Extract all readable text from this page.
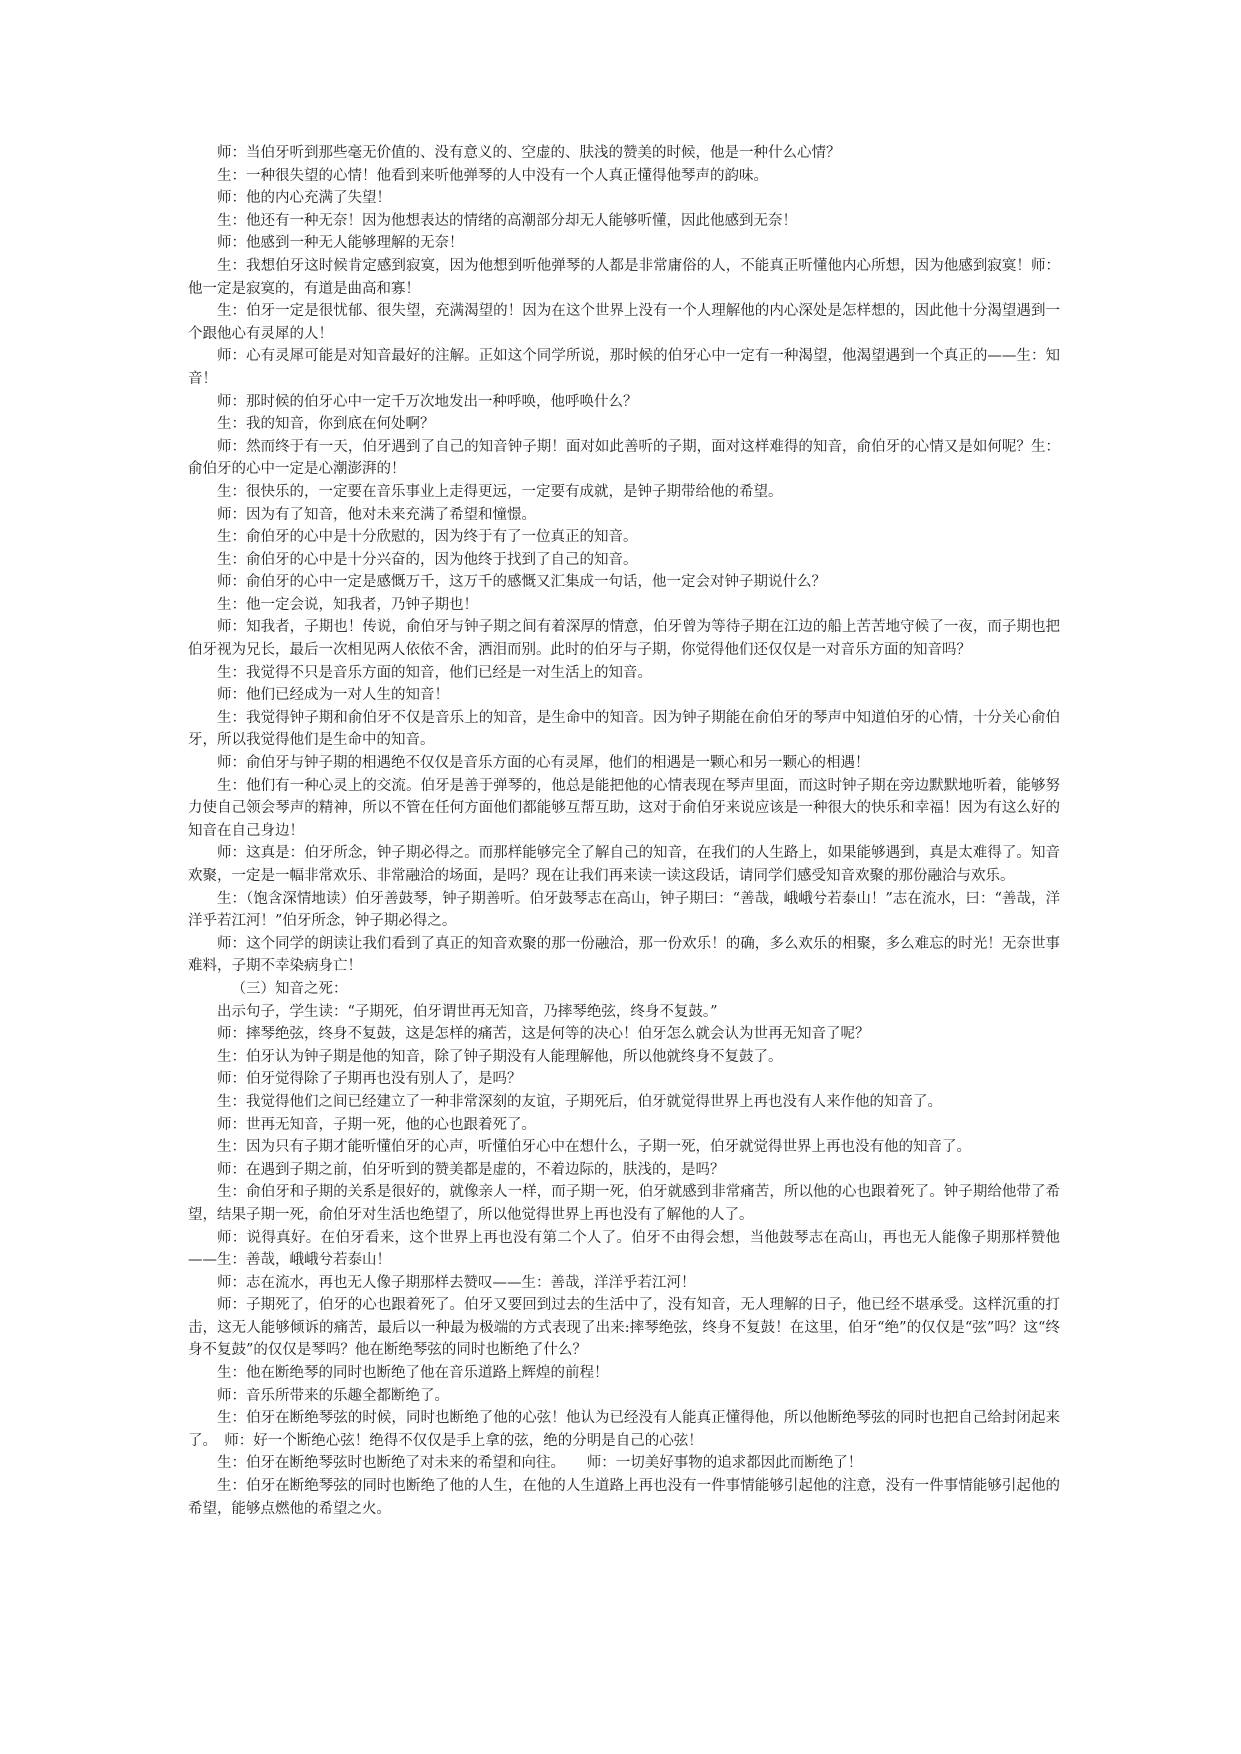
师：当伯牙听到那些毫无价值的、没有意义的、空虚的、肤浅的赞美的时候，他是一种什么心情？

生：一种很失望的心情！他看到来听他弹琴的人中没有一个人真正懂得他琴声的韵味。

师：他的内心充满了失望！

生：他还有一种无奈！因为他想表达的情绪的高潮部分却无人能够听懂，因此他感到无奈！

师：他感到一种无人能够理解的无奈！

生：我想伯牙这时候肯定感到寂寞，因为他想到听他弹琴的人都是非常庸俗的人，不能真正听懂他内心所想，因为他感到寂寞！师：他一定是寂寞的，有道是曲高和寡！

生：伯牙一定是很忧郁、很失望，充满渴望的！因为在这个世界上没有一个人理解他的内心深处是怎样想的，因此他十分渴望遇到一个跟他心有灵犀的人！

师：心有灵犀可能是对知音最好的注解。正如这个同学所说，那时候的伯牙心中一定有一种渴望，他渴望遇到一个真正的——生：知音！

师：那时候的伯牙心中一定千万次地发出一种呼唤，他呼唤什么？

生：我的知音，你到底在何处啊？

师：然而终于有一天，伯牙遇到了自己的知音钟子期！面对如此善听的子期，面对这样难得的知音，俞伯牙的心情又是如何呢？生：俞伯牙的心中一定是心潮澎湃的！

生：很快乐的，一定要在音乐事业上走得更远，一定要有成就，是钟子期带给他的希望。

师：因为有了知音，他对未来充满了希望和憧憬。

生：俞伯牙的心中是十分欣慰的，因为终于有了一位真正的知音。

生：俞伯牙的心中是十分兴奋的，因为他终于找到了自己的知音。

师：俞伯牙的心中一定是感慨万千，这万千的感慨又汇集成一句话，他一定会对钟子期说什么？

生：他一定会说，知我者，乃钟子期也！

师：知我者，子期也！传说，俞伯牙与钟子期之间有着深厚的情意，伯牙曾为等待子期在江边的船上苦苦地守候了一夜，而子期也把伯牙视为兄长，最后一次相见两人依依不舍，洒泪而别。此时的伯牙与子期，你觉得他们还仅仅是一对音乐方面的知音吗？

生：我觉得不只是音乐方面的知音，他们已经是一对生活上的知音。

师：他们已经成为一对人生的知音！

生：我觉得钟子期和俞伯牙不仅是音乐上的知音，是生命中的知音。因为钟子期能在俞伯牙的琴声中知道伯牙的心情，十分关心俞伯牙，所以我觉得他们是生命中的知音。

师：俞伯牙与钟子期的相遇绝不仅仅是音乐方面的心有灵犀，他们的相遇是一颗心和另一颗心的相遇！

生：他们有一种心灵上的交流。伯牙是善于弹琴的，他总是能把他的心情表现在琴声里面，而这时钟子期在旁边默默地听着，能够努力使自己领会琴声的精神，所以不管在任何方面他们都能够互帮互助，这对于俞伯牙来说应该是一种很大的快乐和幸福！因为有这么好的知音在自己身边！

师：这真是：伯牙所念，钟子期必得之。而那样能够完全了解自己的知音，在我们的人生路上，如果能够遇到，真是太难得了。知音欢聚，一定是一幅非常欢乐、非常融洽的场面，是吗？现在让我们再来读一读这段话，请同学们感受知音欢聚的那份融洽与欢乐。

生：（饱含深情地读）伯牙善鼓琴，钟子期善听。伯牙鼓琴志在高山，钟子期曰：“善哉，峨峨兮若泰山！”志在流水，曰：“善哉，洋洋乎若江河！”伯牙所念，钟子期必得之。

师：这个同学的朗读让我们看到了真正的知音欢聚的那一份融洽，那一份欢乐！的确，多么欢乐的相聚，多么难忘的时光！无奈世事难料，子期不幸染病身亡！

（三）知音之死：

出示句子，学生读：“子期死，伯牙谓世再无知音，乃摔琴绝弦，终身不复鼓。”

师：摔琴绝弦，终身不复鼓，这是怎样的痛苦，这是何等的决心！伯牙怎么就会认为世再无知音了呢？

生：伯牙认为钟子期是他的知音，除了钟子期没有人能理解他，所以他就终身不复鼓了。

师：伯牙觉得除了子期再也没有别人了，是吗？

生：我觉得他们之间已经建立了一种非常深刻的友谊，子期死后，伯牙就觉得世界上再也没有人来作他的知音了。

师：世再无知音，子期一死，他的心也跟着死了。

生：因为只有子期才能听懂伯牙的心声，听懂伯牙心中在想什么，子期一死，伯牙就觉得世界上再也没有他的知音了。

师：在遇到子期之前，伯牙听到的赞美都是虚的，不着边际的，肤浅的，是吗？

生：俞伯牙和子期的关系是很好的，就像亲人一样，而子期一死，伯牙就感到非常痛苦，所以他的心也跟着死了。钟子期给他带了希望，结果子期一死，俞伯牙对生活也绝望了，所以他觉得世界上再也没有了解他的人了。

师：说得真好。在伯牙看来，这个世界上再也没有第二个人了。伯牙不由得会想，当他鼓琴志在高山，再也无人能像子期那样赞他——生：善哉，峨峨兮若泰山！

师：志在流水，再也无人像子期那样去赞叹——生：善哉，洋洋乎若江河！

师：子期死了，伯牙的心也跟着死了。伯牙又要回到过去的生活中了，没有知音，无人理解的日子，他已经不堪承受。这样沉重的打击，这无人能够倾诉的痛苦，最后以一种最为极端的方式表现了出来:摔琴绝弦，终身不复鼓！在这里，伯牙“绝”的仅仅是“弦”吗？这“终身不复鼓”的仅仅是琴吗？他在断绝琴弦的同时也断绝了什么？

生：他在断绝琴的同时也断绝了他在音乐道路上辉煌的前程！

师：音乐所带来的乐趣全都断绝了。

生：伯牙在断绝琴弦的时候，同时也断绝了他的心弦！他认为已经没有人能真正懂得他，所以他断绝琴弦的同时也把自己给封闭起来了。　师：好一个断绝心弦！绝得不仅仅是手上拿的弦，绝的分明是自己的心弦！

生：伯牙在断绝琴弦时也断绝了对未来的希望和向往。　　师：一切美好事物的追求都因此而断绝了！

生：伯牙在断绝琴弦的同时也断绝了他的人生，在他的人生道路上再也没有一件事情能够引起他的注意，没有一件事情能够引起他的希望，能够点燃他的希望之火。
